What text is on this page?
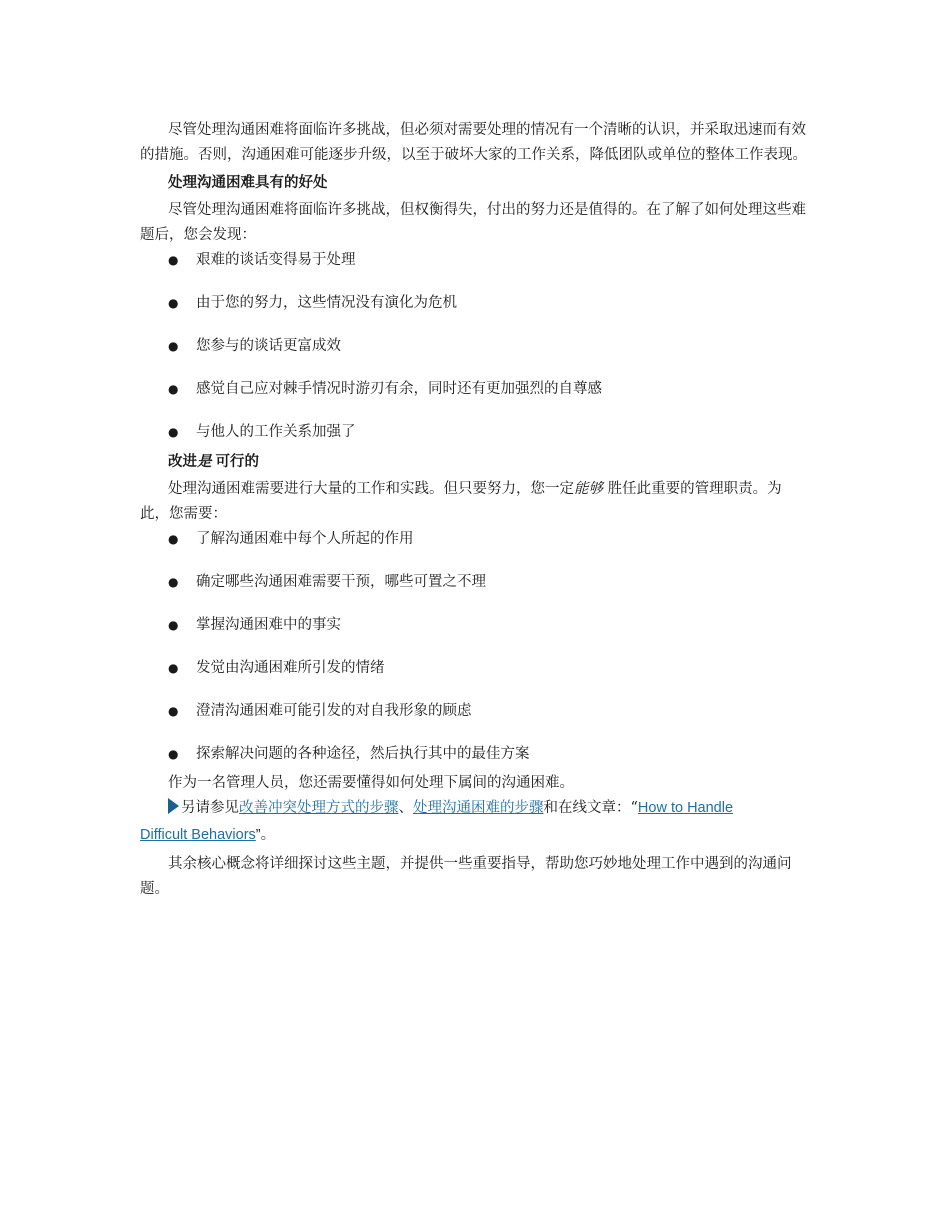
尽管处理沟通困难将面临许多挑战，但必须对需要处理的情况有一个清晰的认识，并采取迅速而有效的措施。否则，沟通困难可能逐步升级，以至于破坏大家的工作关系，降低团队或单位的整体工作表现。

处理沟通困难具有的好处

尽管处理沟通困难将面临许多挑战，但权衡得失，付出的努力还是值得的。在了解了如何处理这些难题后，您会发现：

● 艰难的谈话变得易于处理
● 由于您的努力，这些情况没有演化为危机
● 您参与的谈话更富成效
● 感觉自己应对棘手情况时游刃有余，同时还有更加强烈的自尊感
● 与他人的工作关系加强了

改进是 可行的

处理沟通困难需要进行大量的工作和实践。但只要努力，您一定能够 胜任此重要的管理职责。为此，您需要：

● 了解沟通困难中每个人所起的作用
● 确定哪些沟通困难需要干预，哪些可置之不理
● 掌握沟通困难中的事实
● 发觉由沟通困难所引发的情绪
● 澄清沟通困难可能引发的对自我形象的顾虑
● 探索解决问题的各种途径，然后执行其中的最佳方案

作为一名管理人员，您还需要懂得如何处理下属间的沟通困难。

另请参见改善冲突处理方式的步骤、处理沟通困难的步骤和在线文章：“How to Handle

Difficult Behaviors”。

其余核心概念将详细探讨这些主题，并提供一些重要指导，帮助您巧妙地处理工作中遇到的沟通问题。
